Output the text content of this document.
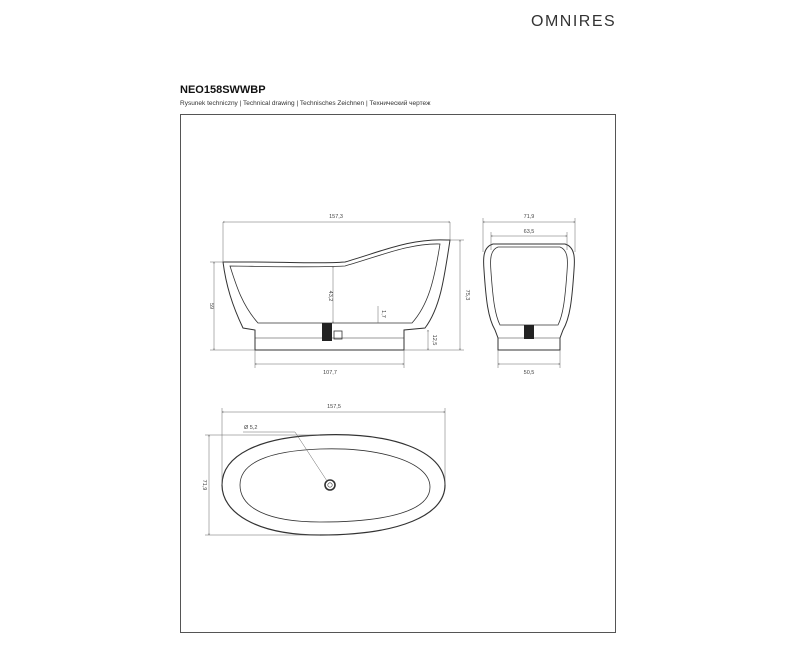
OMNIRES
NEO158SWWBP
Rysunek techniczny | Technical drawing | Technisches Zeichnen | Технический чертеж
157,3
59
43,2	75,3
1,7
12,5
107,7
71,9
63,5
50,5
157,5
71,9
Ø 5,2
